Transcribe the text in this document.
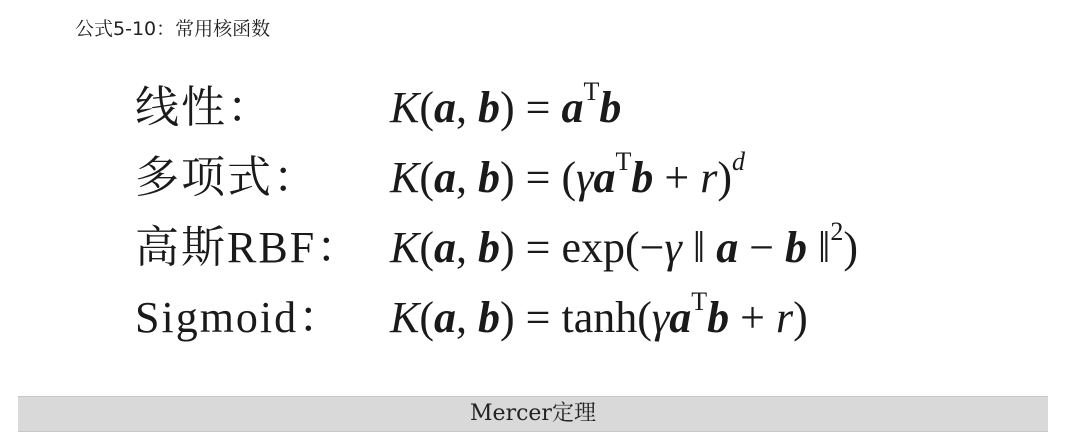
公式5-10：常用核函数
线性：	K(a, $b) = a^Tb$
多项式： K(a, $b) = (\gamma a^Tb + r)^d$
高斯RBF： K(a, b) = exp(−γ ‖ a − b ‖$^2$)
Sigmoid： K(a, $b) = \tanh(\gamma a^Tb + r)$
Mercer定理
